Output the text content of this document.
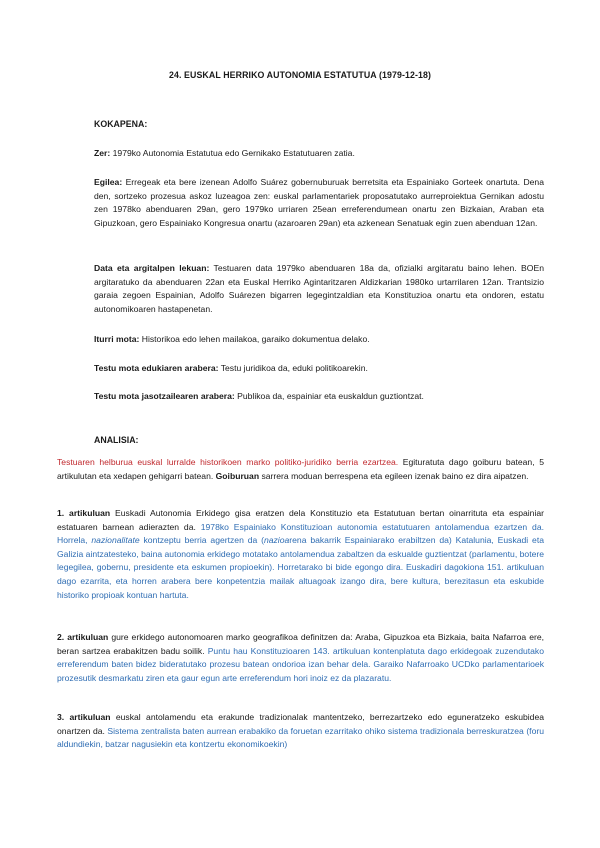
24. EUSKAL HERRIKO AUTONOMIA ESTATUTUA (1979-12-18)
KOKAPENA:

Zer: 1979ko Autonomia Estatutua edo Gernikako Estatutuaren zatia.

Egilea: Erregeak eta bere izenean Adolfo Suárez gobernuburuak berretsita eta Espainiako Gorteek onartuta. Dena den, sortzeko prozesua askoz luzeagoa zen: euskal parlamentariek proposatutako aurreproiektua Gernikan adostu zen 1978ko abenduaren 29an, gero 1979ko urriaren 25ean erreferendumean onartu zen Bizkaian, Araban eta Gipuzkoan, gero Espainiako Kongresua onartu (azaroaren 29an) eta azkenean Senatuak egin zuen abenduan 12an.

Data eta argitalpen lekuan: Testuaren data 1979ko abenduaren 18a da, ofizialki argitaratu baino lehen. BOEn argitaratuko da abenduaren 22an eta Euskal Herriko Agintaritzaren Aldizkarian 1980ko urtarrilaren 12an. Trantsizio garaia zegoen Espainian, Adolfo Suárezen bigarren legegintzaldian eta Konstituzioa onartu eta ondoren, estatu autonomikoaren hastapenetan.

Iturri mota: Historikoa edo lehen mailakoa, garaiko dokumentua delako.

Testu mota edukiaren arabera: Testu juridikoa da, eduki politikoarekin.

Testu mota jasotzailearen arabera: Publikoa da, espainiar eta euskaldun guztiontzat.

ANALISIA:

Testuaren helburua euskal lurralde historikoen marko politiko-juridiko berria ezartzea. Egituratuta dago goiburu batean, 5 artikulutan eta xedapen gehigarri batean. Goiburuan sarrera moduan berrespena eta egileen izenak baino ez dira aipatzen.

1. artikuluan Euskadi Autonomia Erkidego gisa eratzen dela Konstituzio eta Estatutuan bertan oinarrituta eta espainiar estatuaren barnean adierazten da. 1978ko Espainiako Konstituzioan autonomia estatutuaren antolamendua ezartzen da. Horrela, nazionalitate kontzeptu berria agertzen da (nazioarena bakarrik Espainiarako erabiltzen da) Katalunia, Euskadi eta Galizia aintzatesteko, baina autonomia erkidego motatako antolamendua zabaltzen da eskualde guztientzat (parlamentu, botere legegilea, gobernu, presidente eta eskumen propioekin). Horretarako bi bide egongo dira. Euskadiri dagokiona 151. artikuluan dago ezarrita, eta horren arabera bere konpetentzia mailak altuagoak izango dira, bere kultura, berezitasun eta eskubide historiko propioak kontuan hartuta.

2. artikuluan gure erkidego autonomoaren marko geografikoa definitzen da: Araba, Gipuzkoa eta Bizkaia, baita Nafarroa ere, beran sartzea erabakitzen badu soilik. Puntu hau Konstituzioaren 143. artikuluan kontenplatuta dago erkidegoak zuzendutako erreferendum baten bidez bideratutako prozesu batean ondorioa izan behar dela. Garaiko Nafarroako UCDko parlamentarioek prozesutik desmarkatu ziren eta gaur egun arte erreferendum hori inoiz ez da plazaratu.

3. artikuluan euskal antolamendu eta erakunde tradizionalak mantentzeko, berrezartzeko edo eguneratzeko eskubidea onartzen da. Sistema zentralista baten aurrean erabakiko da foruetan ezarritako ohiko sistema tradizionala berreskuratzea (foru aldundiekin, batzar nagusiekin eta kontzertu ekonomikoekin)
